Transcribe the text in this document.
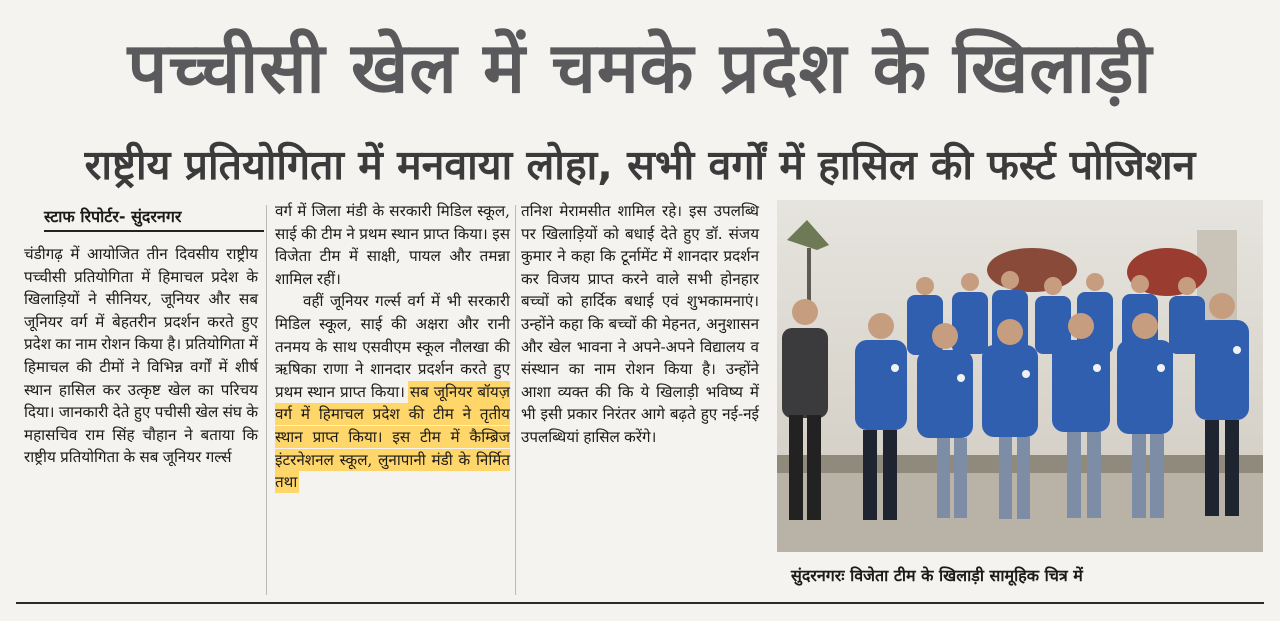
पच्चीसी खेल में चमके प्रदेश के खिलाड़ी
राष्ट्रीय प्रतियोगिता में मनवाया लोहा, सभी वर्गों में हासिल की फर्स्ट पोजिशन
स्टाफ रिपोर्टर- सुंदरनगर

चंडीगढ़ में आयोजित तीन दिवसीय राष्ट्रीय पच्चीसी प्रतियोगिता में हिमाचल प्रदेश के खिलाड़ियों ने सीनियर, जूनियर और सब जूनियर वर्ग में बेहतरीन प्रदर्शन करते हुए प्रदेश का नाम रोशन किया है। प्रतियोगिता में हिमाचल की टीमों ने विभिन्न वर्गों में शीर्ष स्थान हासिल कर उत्कृष्ट खेल का परिचय दिया। जानकारी देते हुए पचीसी खेल संघ के महासचिव राम सिंह चौहान ने बताया कि राष्ट्रीय प्रतियोगिता के सब जूनियर गर्ल्स

वर्ग में जिला मंडी के सरकारी मिडिल स्कूल, साई की टीम ने प्रथम स्थान प्राप्त किया। इस विजेता टीम में साक्षी, पायल और तमन्ना शामिल रहीं।

वहीं जूनियर गर्ल्स वर्ग में भी सरकारी मिडिल स्कूल, साई की अक्षरा और रानी तनमय के साथ एसवीएम स्कूल नौलखा की ऋषिका राणा ने शानदार प्रदर्शन करते हुए प्रथम स्थान प्राप्त किया। सब जूनियर बॉयज़ वर्ग में हिमाचल प्रदेश की टीम ने तृतीय स्थान प्राप्त किया। इस टीम में कैम्ब्रिज इंटरनेशनल स्कूल, लुनापानी मंडी के निर्मित तथा

तनिश मेरामसीत शामिल रहे। इस उपलब्धि पर खिलाड़ियों को बधाई देते हुए डॉ. संजय कुमार ने कहा कि टूर्नामेंट में शानदार प्रदर्शन कर विजय प्राप्त करने वाले सभी होनहार बच्चों को हार्दिक बधाई एवं शुभकामनाएं। उन्होंने कहा कि बच्चों की मेहनत, अनुशासन और खेल भावना ने अपने-अपने विद्यालय व संस्थान का नाम रोशन किया है। उन्होंने आशा व्यक्त की कि ये खिलाड़ी भविष्य में भी इसी प्रकार निरंतर आगे बढ़ते हुए नई-नई उपलब्धियां हासिल करेंगे।

सुंदरनगरः विजेता टीम के खिलाड़ी सामूहिक चित्र में
